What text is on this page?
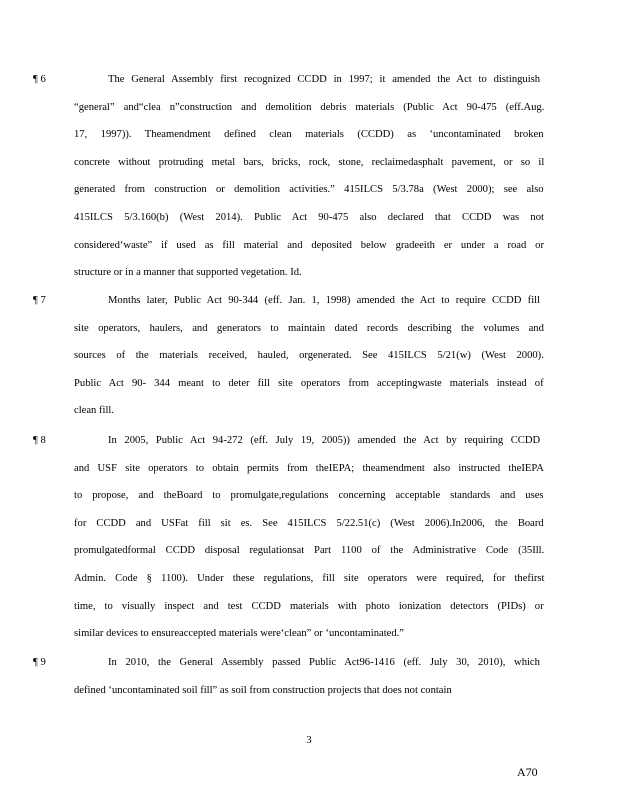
¶ 6	The General Assembly first recognized CCDD in 1997; it amended the Act to distinguish
“general” and“clea n”construction and demolition debris materials (Public Act 90-475 (eff.Aug.
17, 1997)). Theamendment defined clean materials (CCDD) as ‘uncontaminated broken
concrete without protruding metal bars, bricks, rock, stone, reclaimedasphalt pavement, or so il
generated from construction or demolition activities.” 415ILCS 5/3.78a (West 2000); see also
415ILCS 5/3.160(b) (West 2014). Public Act 90-475 also declared that CCDD was not
considered‘waste” if used as fill material and deposited below gradeeith er under a road or
structure or in a manner that supported vegetation. Id.
¶ 7	Months later, Public Act 90-344 (eff. Jan. 1, 1998) amended the Act to require CCDD fill
site operators, haulers, and generators to maintain dated records describing the volumes and
sources of the materials received, hauled, orgenerated. See 415ILCS 5/21(w) (West 2000).
Public Act 90- 344 meant to deter fill site operators from acceptingwaste materials instead of
clean fill.
¶ 8	In 2005, Public Act 94-272 (eff. July 19, 2005)) amended the Act by requiring CCDD
and USF site operators to obtain permits from theIEPA; theamendment also instructed theIEPA
to propose, and theBoard to promulgate,regulations concerning acceptable standards and uses
for CCDD and USFat fill sit es. See 415ILCS 5/22.51(c) (West 2006).In2006, the Board
promulgatedformal CCDD disposal regulationsat Part 1100 of the Administrative Code (35Ill.
Admin. Code § 1100). Under these regulations, fill site operators were required, for thefirst
time, to visually inspect and test CCDD materials with photo ionization detectors (PIDs) or
similar devices to ensureaccepted materials were‘clean” or ‘uncontaminated.”
¶ 9	In 2010, the General Assembly passed Public Act96-1416 (eff. July 30, 2010), which
defined ‘uncontaminated soil fill” as soil from construction projects that does not contain
3
A70
